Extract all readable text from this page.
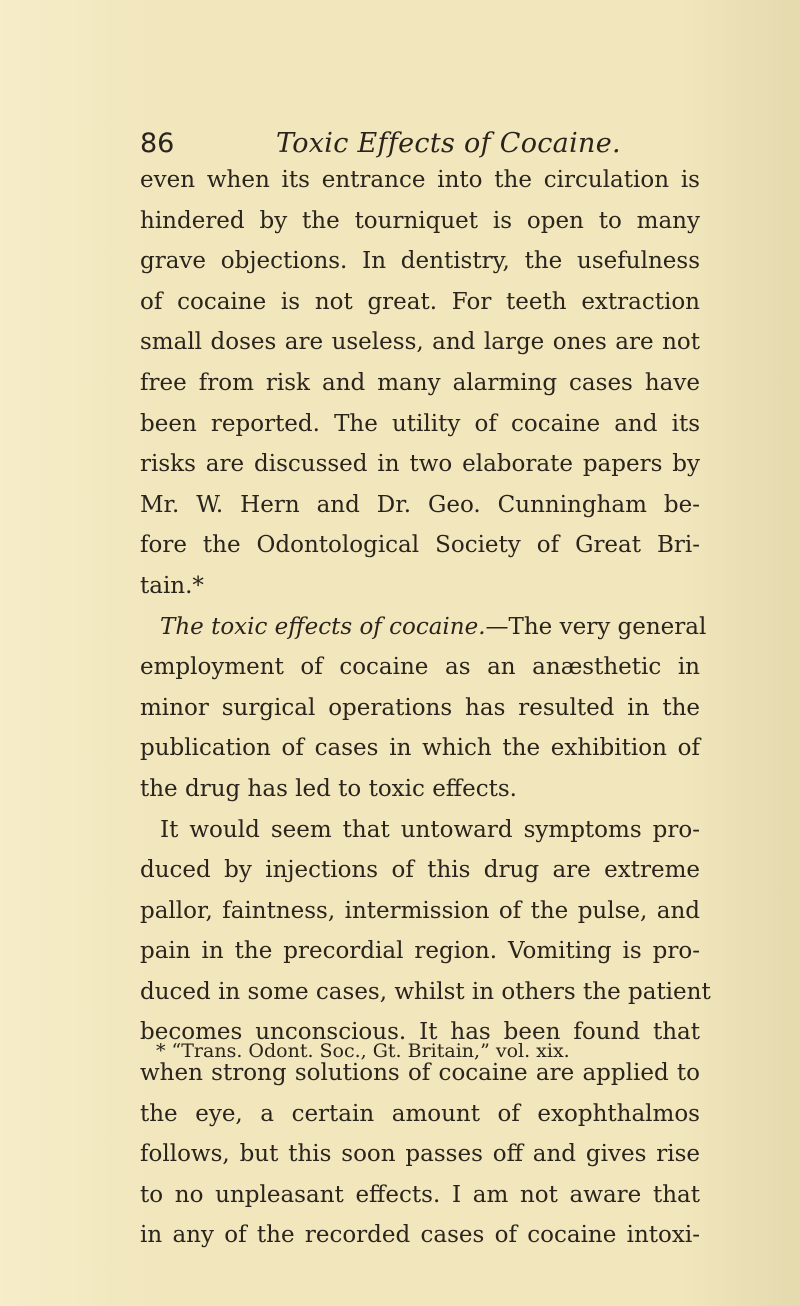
86	Toxic Effects of Cocaine.
even when its entrance into the circulation is
hindered by the tourniquet is open to many
grave objections. In dentistry, the usefulness
of cocaine is not great. For teeth extraction
small doses are useless, and large ones are not
free from risk and many alarming cases have
been reported. The utility of cocaine and its
risks are discussed in two elaborate papers by
Mr. W. Hern and Dr. Geo. Cunningham be-
fore the Odontological Society of Great Bri-
tain.*
The toxic effects of cocaine.—The very general
employment of cocaine as an anæsthetic in
minor surgical operations has resulted in the
publication of cases in which the exhibition of
the drug has led to toxic effects.
It would seem that untoward symptoms pro-
duced by injections of this drug are extreme
pallor, faintness, intermission of the pulse, and
pain in the precordial region. Vomiting is pro-
duced in some cases, whilst in others the patient
becomes unconscious. It has been found that
when strong solutions of cocaine are applied to
the eye, a certain amount of exophthalmos
follows, but this soon passes off and gives rise
to no unpleasant effects. I am not aware that
in any of the recorded cases of cocaine intoxi-
* “Trans. Odont. Soc., Gt. Britain,” vol. xix.
